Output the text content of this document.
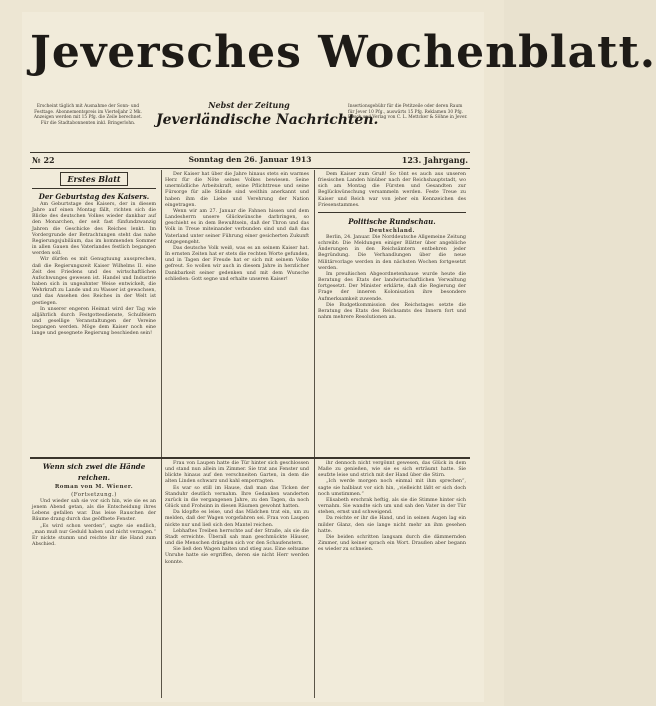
Jeversches Wochenblatt.
Erscheint täglich mit Ausnahme der Sonn- und Festtage. Abonnementspreis im Vierteljahr 2 Mk. Anzeigen werden mit 15 Pfg. die Zeile berechnet. Für die Stadtabonnenten inkl. Bringerlohn.
Nebst der Zeitung
Jeverländische Nachrichten.
Insertionsgebühr für die Petitzeile oder deren Raum für Jever 10 Pfg., auswärts 15 Pfg. Reklamen 30 Pfg. Druck und Verlag von C. L. Mettcker & Söhne in Jever.
№ 22	Sonntag den 26. Januar 1913	123. Jahrgang.
Erstes Blatt
Der Geburtstag des Kaisers.

Am Geburtstage des Kaisers, der in diesem Jahre auf einen Montag fällt, richten sich die Blicke des deutschen Volkes wieder dankbar auf den Monarchen, der seit fast fünfundzwanzig Jahren die Geschicke des Reiches lenkt. Im Vordergrunde der Betrachtungen steht das nahe Regierungsjubiläum, das im kommenden Sommer in allen Gauen des Vaterlandes festlich begangen werden soll.

Wir dürfen es mit Genugtuung aussprechen, daß die Regierungszeit Kaiser Wilhelms II. eine Zeit des Friedens und des wirtschaftlichen Aufschwunges gewesen ist. Handel und Industrie haben sich in ungeahnter Weise entwickelt, die Wehrkraft zu Lande und zu Wasser ist gewachsen, und das Ansehen des Reiches in der Welt ist gestiegen.

In unserer engeren Heimat wird der Tag wie alljährlich durch Festgottesdienste, Schulfeiern und gesellige Veranstaltungen der Vereine begangen werden. Möge dem Kaiser noch eine lange und gesegnete Regierung beschieden sein!

Der Kaiser hat über die Jahre hinaus stets ein warmes Herz für die Nöte seines Volkes bewiesen. Seine unermüdliche Arbeitskraft, seine Pflichttreue und seine Fürsorge für alle Stände sind weithin anerkannt und haben ihm die Liebe und Verehrung der Nation eingetragen.

Wenn wir am 27. Januar die Fahnen hissen und dem Landesherrn unsere Glückwünsche darbringen, so geschieht es in dem Bewußtsein, daß der Thron und das Volk in Treue miteinander verbunden sind und daß das Vaterland unter seiner Führung einer gesicherten Zukunft entgegengeht.

Das deutsche Volk weiß, was es an seinem Kaiser hat. In ernsten Zeiten hat er stets die rechten Worte gefunden, und in Tagen der Freude hat er sich mit seinem Volke gefreut. So wollen wir auch in diesem Jahre in herzlicher Dankbarkeit seiner gedenken und mit dem Wunsche schließen: Gott segne und erhalte unseren Kaiser!

Dem Kaiser zum Gruß! So tönt es auch aus unseren friesischen Landen hinüber nach der Reichshauptstadt, wo sich am Montag die Fürsten und Gesandten zur Beglückwünschung versammeln werden. Feste Treue zu Kaiser und Reich war von jeher ein Kennzeichen des Friesenstammes.

Politische Rundschau.
Deutschland.

Berlin, 24. Januar. Die Norddeutsche Allgemeine Zeitung schreibt: Die Meldungen einiger Blätter über angebliche Änderungen in den Reichsämtern entbehren jeder Begründung. Die Verhandlungen über die neue Militärvorlage werden in den nächsten Wochen fortgesetzt werden.

Im preußischen Abgeordnetenhause wurde heute die Beratung des Etats der landwirtschaftlichen Verwaltung fortgesetzt. Der Minister erklärte, daß die Regierung der Frage der inneren Kolonisation ihre besondere Aufmerksamkeit zuwende.

Die Budgetkommission des Reichstages setzte die Beratung des Etats des Reichsamts des Innern fort und nahm mehrere Resolutionen an.

Wenn sich zwei die Hände reichen.
Roman von M. Wiener.
(Fortsetzung.)

Und wieder sah sie vor sich hin, wie sie es an jenem Abend getan, als die Entscheidung ihres Lebens gefallen war. Das leise Rauschen der Bäume drang durch das geöffnete Fenster.

„Es wird schon werden“, sagte sie endlich, „man muß nur Geduld haben und nicht verzagen.“ Er nickte stumm und reichte ihr die Hand zum Abschied.

Frau von Laupen hatte die Tür hinter sich geschlossen und stand nun allein im Zimmer. Sie trat ans Fenster und blickte hinaus auf den verschneiten Garten, in dem die alten Linden schwarz und kahl emporragten.

Es war so still im Hause, daß man das Ticken der Standuhr deutlich vernahm. Ihre Gedanken wanderten zurück in die vergangenen Jahre, zu den Tagen, da noch Glück und Frohsinn in diesen Räumen gewohnt hatten.

Da klopfte es leise, und das Mädchen trat ein, um zu melden, daß der Wagen vorgefahren sei. Frau von Laupen nickte nur und ließ sich den Mantel reichen.

Lebhaftes Treiben herrschte auf der Straße, als sie die Stadt erreichte. Überall sah man geschmückte Häuser, und die Menschen drängten sich vor den Schaufenstern.

Sie ließ den Wagen halten und stieg aus. Eine seltsame Unruhe hatte sie ergriffen, deren sie nicht Herr werden konnte.

ihr dennoch nicht vergönnt gewesen, das Glück in dem Maße zu genießen, wie sie es sich erträumt hatte. Sie seufzte leise und strich mit der Hand über die Stirn.

„Ich werde morgen noch einmal mit ihm sprechen“, sagte sie halblaut vor sich hin, „vielleicht läßt er sich doch noch umstimmen.“

Elisabeth erschrak heftig, als sie die Stimme hinter sich vernahm. Sie wandte sich um und sah den Vater in der Tür stehen, ernst und schweigend.

Da reichte er ihr die Hand, und in seinen Augen lag ein milder Glanz, den sie lange nicht mehr an ihm gesehen hatte.

Die beiden schritten langsam durch die dämmernden Zimmer, und keiner sprach ein Wort. Draußen aber begann es wieder zu schneien.
